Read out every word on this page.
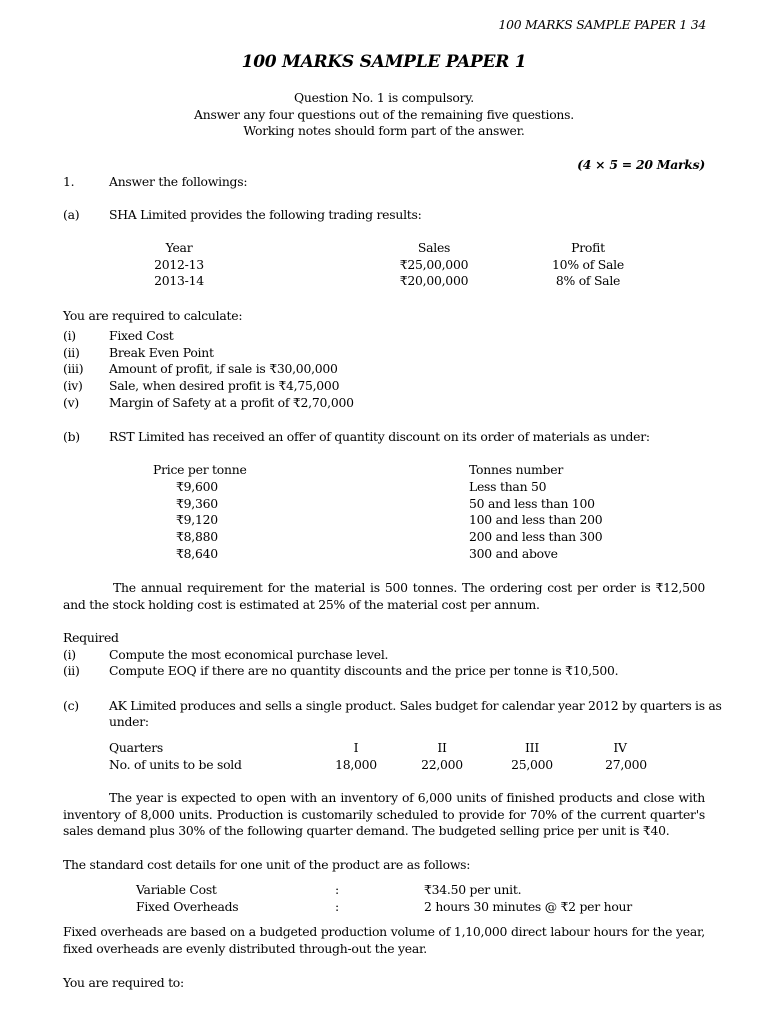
100 MARKS SAMPLE PAPER 1 34
100 MARKS SAMPLE PAPER 1
Question No. 1 is compulsory.
Answer any four questions out of the remaining five questions.
Working notes should form part of the answer.
(4 × 5 = 20 Marks)
1.	Answer the followings:
(a) SHA Limited provides the following trading results:
Year	Sales	Profit
2012-13	₹25,00,000	10% of Sale
2013-14	₹20,00,000	8% of Sale
You are required to calculate:
(i)	Fixed Cost
(ii) Break Even Point
(iii) Amount of profit, if sale is ₹30,00,000
(iv) Sale, when desired profit is ₹4,75,000
(v) Margin of Safety at a profit of ₹2,70,000
(b) RST Limited has received an offer of quantity discount on its order of materials as under:
Price per tonne	Tonnes number
₹9,600	Less than 50
₹9,360	50 and less than 100
₹9,120	100 and less than 200
₹8,880	200 and less than 300
₹8,640	300 and above

The annual requirement for the material is 500 tonnes. The ordering cost per order is ₹12,500 and the stock holding cost is estimated at 25% of the material cost per annum.

Required
(i)	Compute the most economical purchase level.
(ii) Compute EOQ if there are no quantity discounts and the price per tonne is ₹10,500.
(c) AK Limited produces and sells a single product. Sales budget for calendar year 2012 by quarters is as
under:
Quarters	I	II	III	IV
No. of units to be sold	18,000	22,000	25,000	27,000

The year is expected to open with an inventory of 6,000 units of finished products and close with inventory of 8,000 units. Production is customarily scheduled to provide for 70% of the current quarter's sales demand plus 30% of the following quarter demand. The budgeted selling price per unit is ₹40.

The standard cost details for one unit of the product are as follows:
Variable Cost	:	₹34.50 per unit.
Fixed Overheads	:	2 hours 30 minutes @ ₹2 per hour

Fixed overheads are based on a budgeted production volume of 1,10,000 direct labour hours for the year, fixed overheads are evenly distributed through-out the year.

You are required to:
